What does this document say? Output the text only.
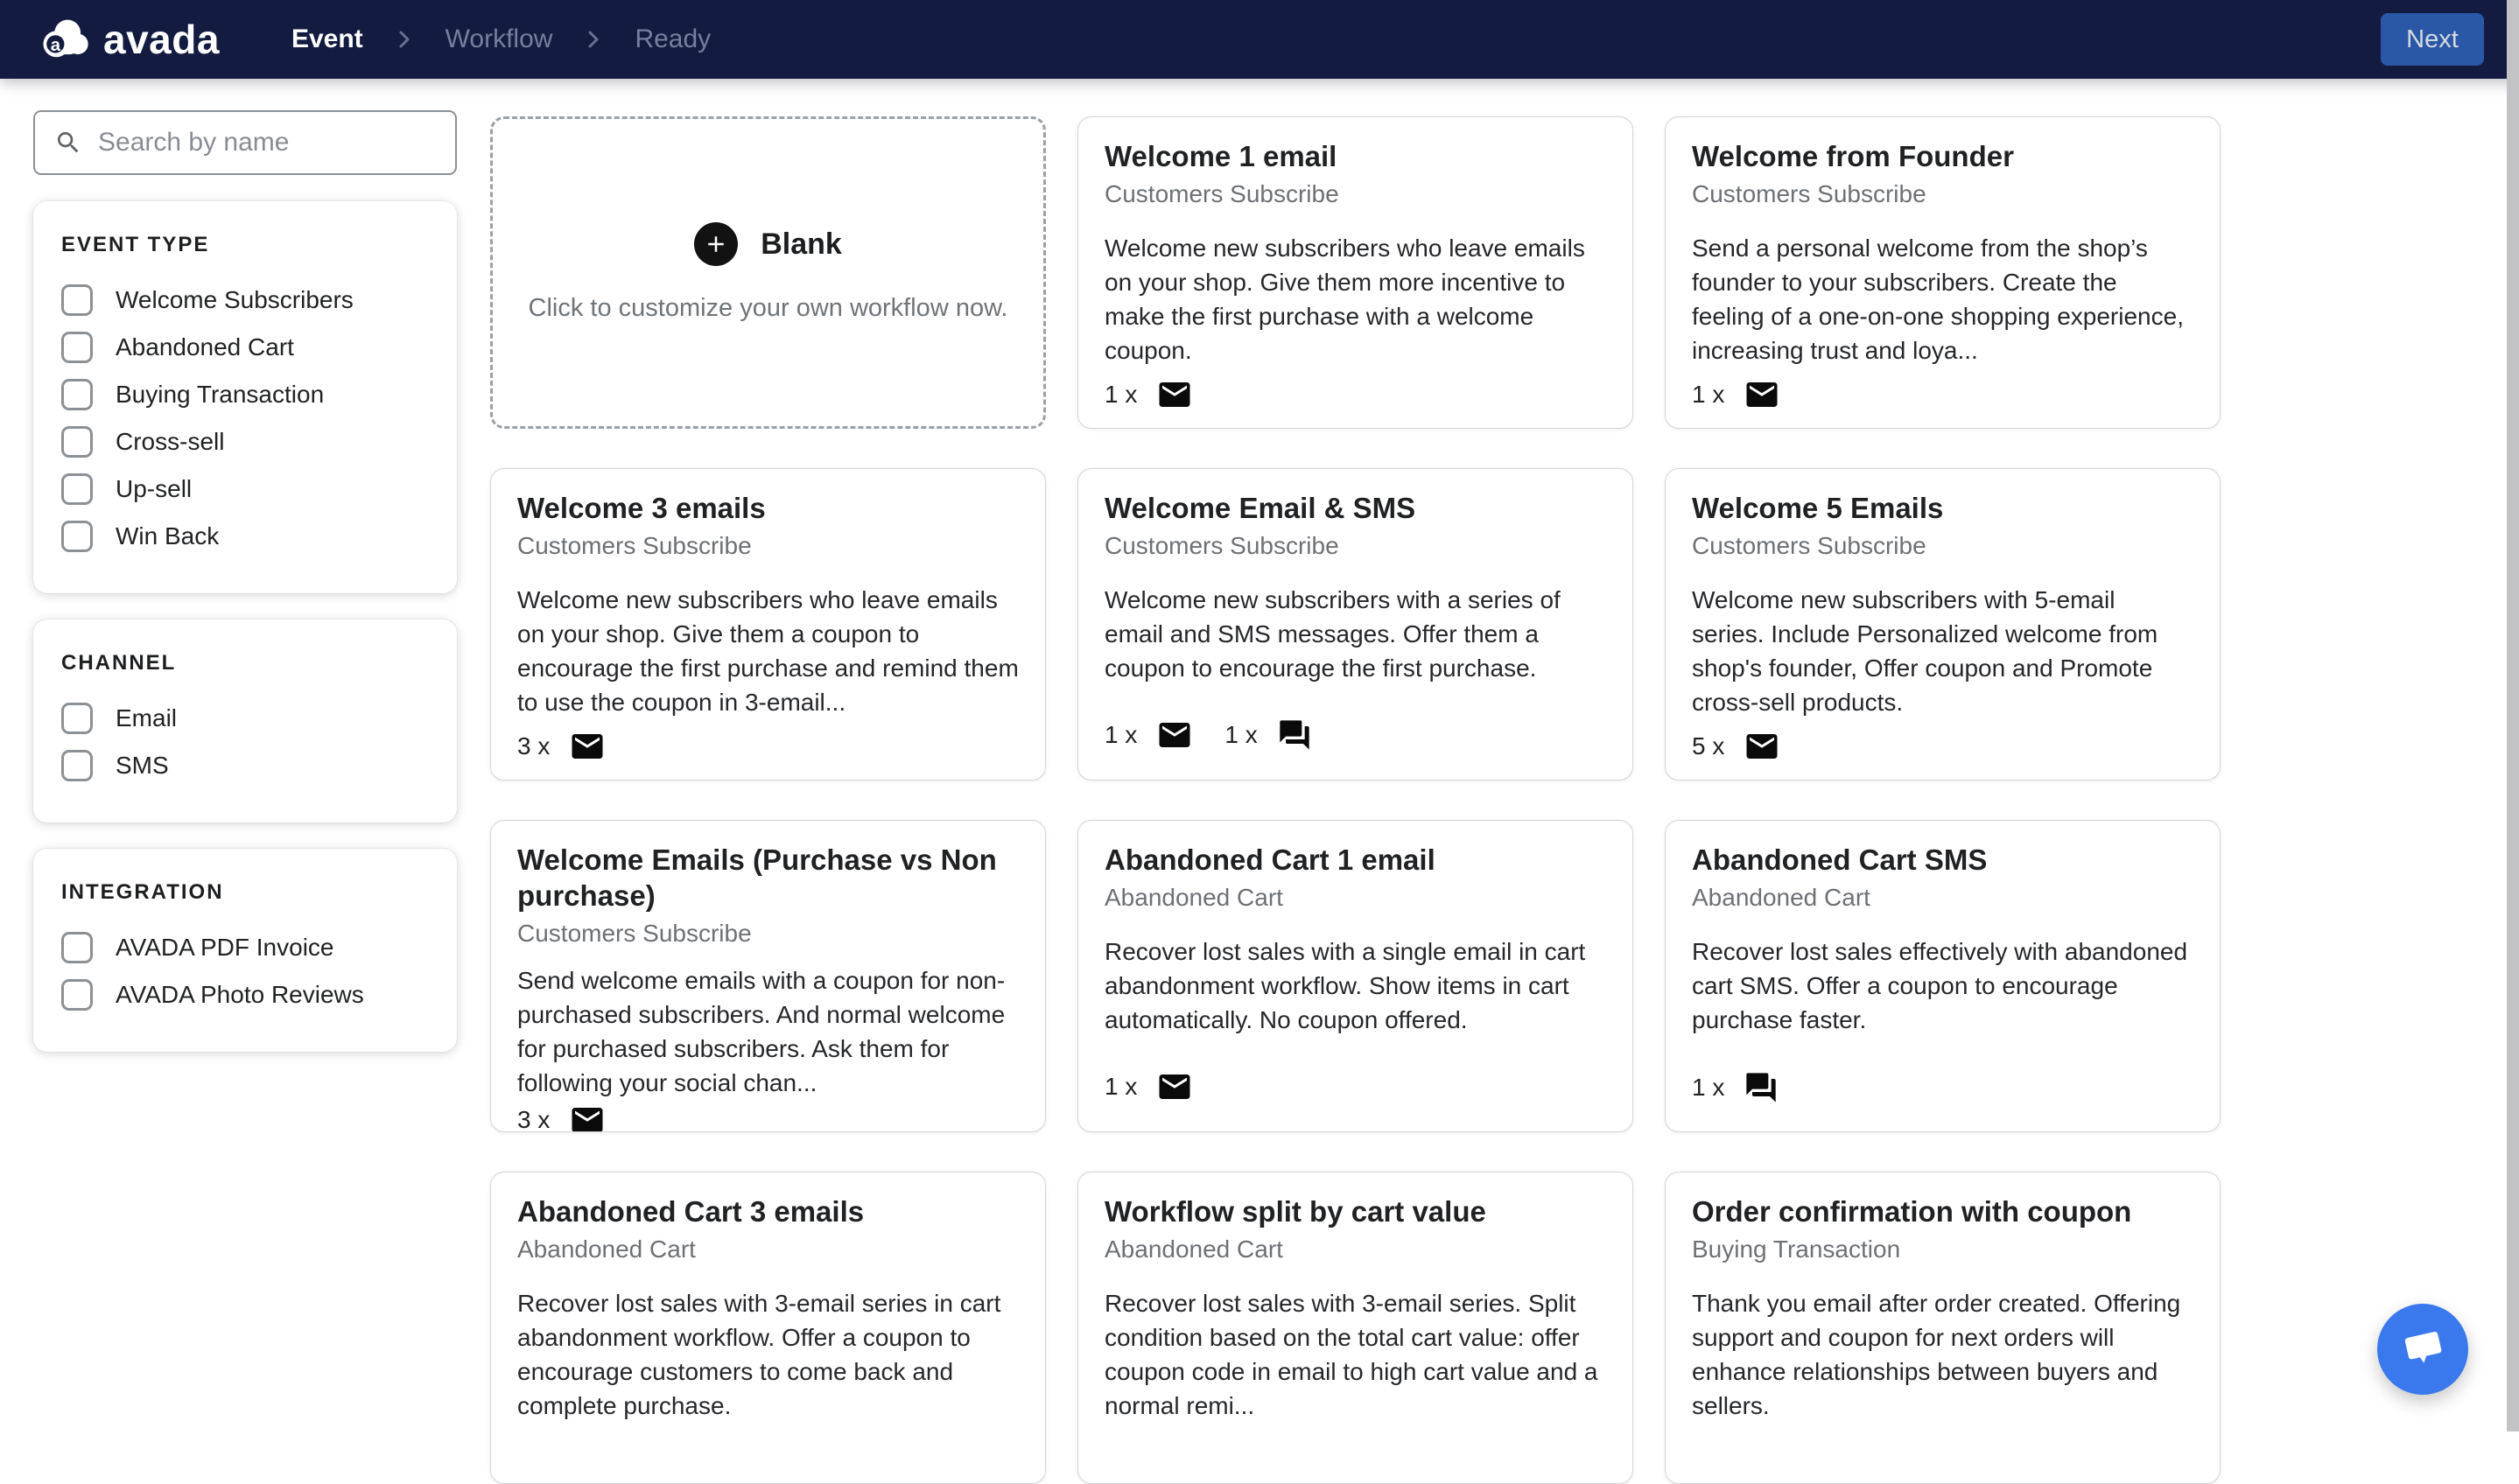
a avada	Event	Workflow	Ready	Next
Search by name
EVENT TYPE
Welcome Subscribers
Abandoned Cart
Buying Transaction
Cross-sell
Up-sell
Win Back
CHANNEL
Email
SMS
INTEGRATION
AVADA PDF Invoice
AVADA Photo Reviews
Blank
Click to customize your own workflow now.
Welcome 1 email
Customers Subscribe

Welcome new subscribers who leave emails on your shop. Give them more incentive to make the first purchase with a welcome coupon.

1 x
Welcome from Founder
Customers Subscribe

Send a personal welcome from the shop’s founder to your subscribers. Create the feeling of a one-on-one shopping experience, increasing trust and loya...

1 x
Welcome 3 emails
Customers Subscribe

Welcome new subscribers who leave emails on your shop. Give them a coupon to encourage the first purchase and remind them to use the coupon in 3-email...

3 x
Welcome Email & SMS
Customers Subscribe

Welcome new subscribers with a series of email and SMS messages. Offer them a coupon to encourage the first purchase.

1 x	1 x
Welcome 5 Emails
Customers Subscribe

Welcome new subscribers with 5-email series. Include Personalized welcome from shop's founder, Offer coupon and Promote cross-sell products.

5 x
Welcome Emails (Purchase vs Non purchase)
Customers Subscribe

Send welcome emails with a coupon for non-purchased subscribers. And normal welcome for purchased subscribers. Ask them for following your social chan...

3 x
Abandoned Cart 1 email
Abandoned Cart

Recover lost sales with a single email in cart abandonment workflow. Show items in cart automatically. No coupon offered.

1 x
Abandoned Cart SMS
Abandoned Cart

Recover lost sales effectively with abandoned cart SMS. Offer a coupon to encourage purchase faster.

1 x
Abandoned Cart 3 emails
Abandoned Cart

Recover lost sales with 3-email series in cart abandonment workflow. Offer a coupon to encourage customers to come back and complete purchase.

Workflow split by cart value
Abandoned Cart

Recover lost sales with 3-email series. Split condition based on the total cart value: offer coupon code in email to high cart value and a normal remi...

Order confirmation with coupon
Buying Transaction

Thank you email after order created. Offering support and coupon for next orders will enhance relationships between buyers and sellers.
